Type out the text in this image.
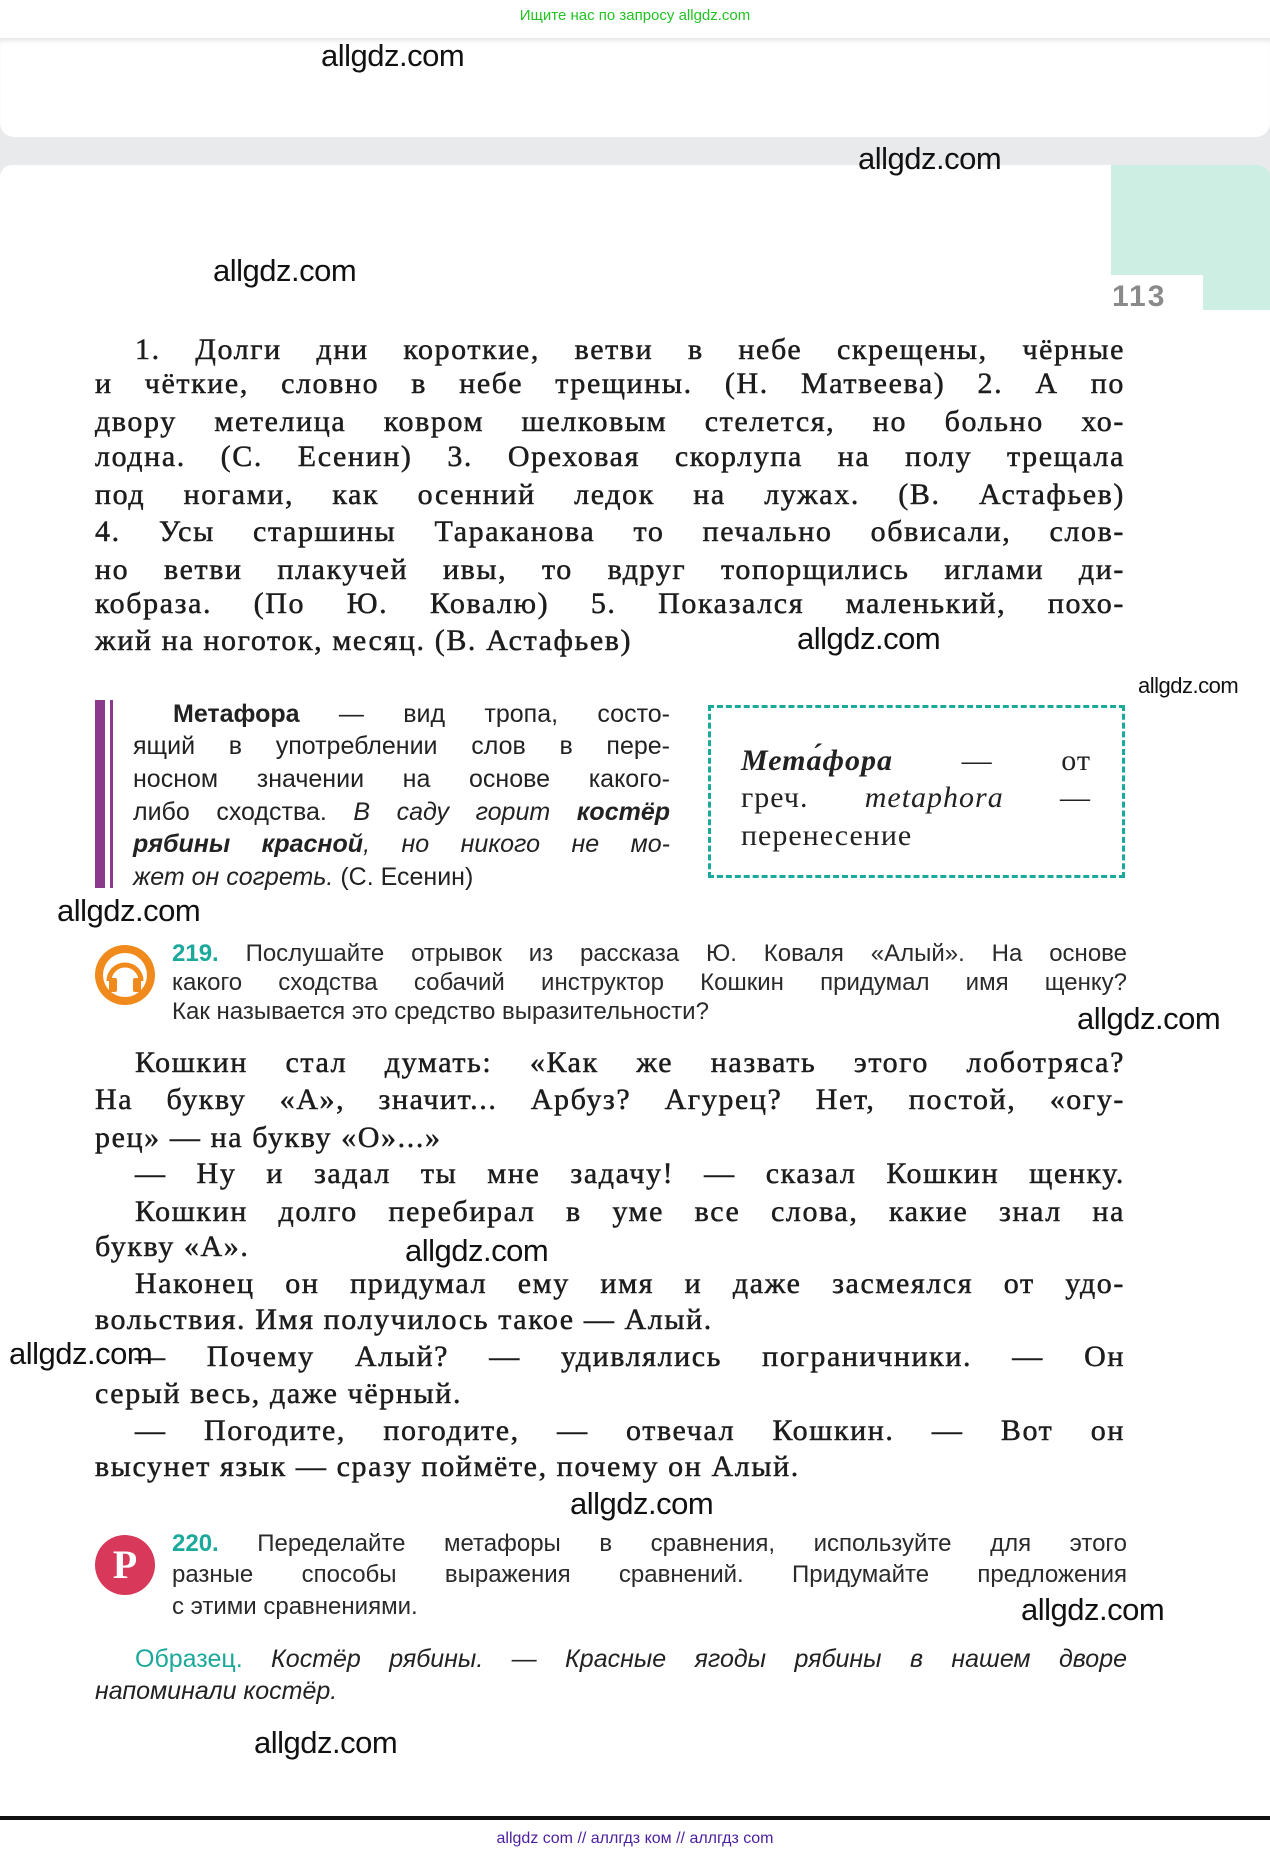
Ищите нас по запросу allgdz.com
113
1. Долги дни короткие, ветви в небе скрещены, чёрные
и чёткие, словно в небе трещины. (Н. Матвеева) 2. А по
двору метелица ковром шелковым стелется, но больно хо-
лодна. (С. Есенин) 3. Ореховая скорлупа на полу трещала
под ногами, как осенний ледок на лужах. (В. Астафьев)
4. Усы старшины Тараканова то печально обвисали, слов-
но ветви плакучей ивы, то вдруг топорщились иглами ди-
кобраза. (По Ю. Ковалю) 5. Показался маленький, похо-
жий на ноготок, месяц. (В. Астафьев)
Метафора — вид тропа, состо-
ящий в употреблении слов в пере-
носном значении на основе какого-
либо сходства. В саду горит костёр
рябины красной, но никого не мо-
жет он согреть. (С. Есенин)
Мета́фора — от
греч. metaphora —
перенесение
219. Послушайте отрывок из рассказа Ю. Коваля «Алый». На основе
какого сходства собачий инструктор Кошкин придумал имя щенку?
Как называется это средство выразительности?
Кошкин стал думать: «Как же назвать этого лоботряса?
На букву «А», значит... Арбуз? Агурец? Нет, постой, «огу-
рец» — на букву «О»...»
— Ну и задал ты мне задачу! — сказал Кошкин щенку.
Кошкин долго перебирал в уме все слова, какие знал на
букву «А».
Наконец он придумал ему имя и даже засмеялся от удо-
вольствия. Имя получилось такое — Алый.
— Почему Алый? — удивлялись пограничники. — Он
серый весь, даже чёрный.
— Погодите, погодите, — отвечал Кошкин. — Вот он
высунет язык — сразу поймёте, почему он Алый.
Р	220. Переделайте метафоры в сравнения, используйте для этого
разные способы выражения сравнений. Придумайте предложения
с этими сравнениями.
Образец. Костёр рябины. — Красные ягоды рябины в нашем дворе
напоминали костёр.
allgdz.com
allgdz.com
allgdz.com
allgdz.com
allgdz.com
allgdz.com
allgdz.com
allgdz.com
allgdz.com
allgdz.com
allgdz.com
allgdz.com
allgdz com // аллгдз ком // аллгдз com
